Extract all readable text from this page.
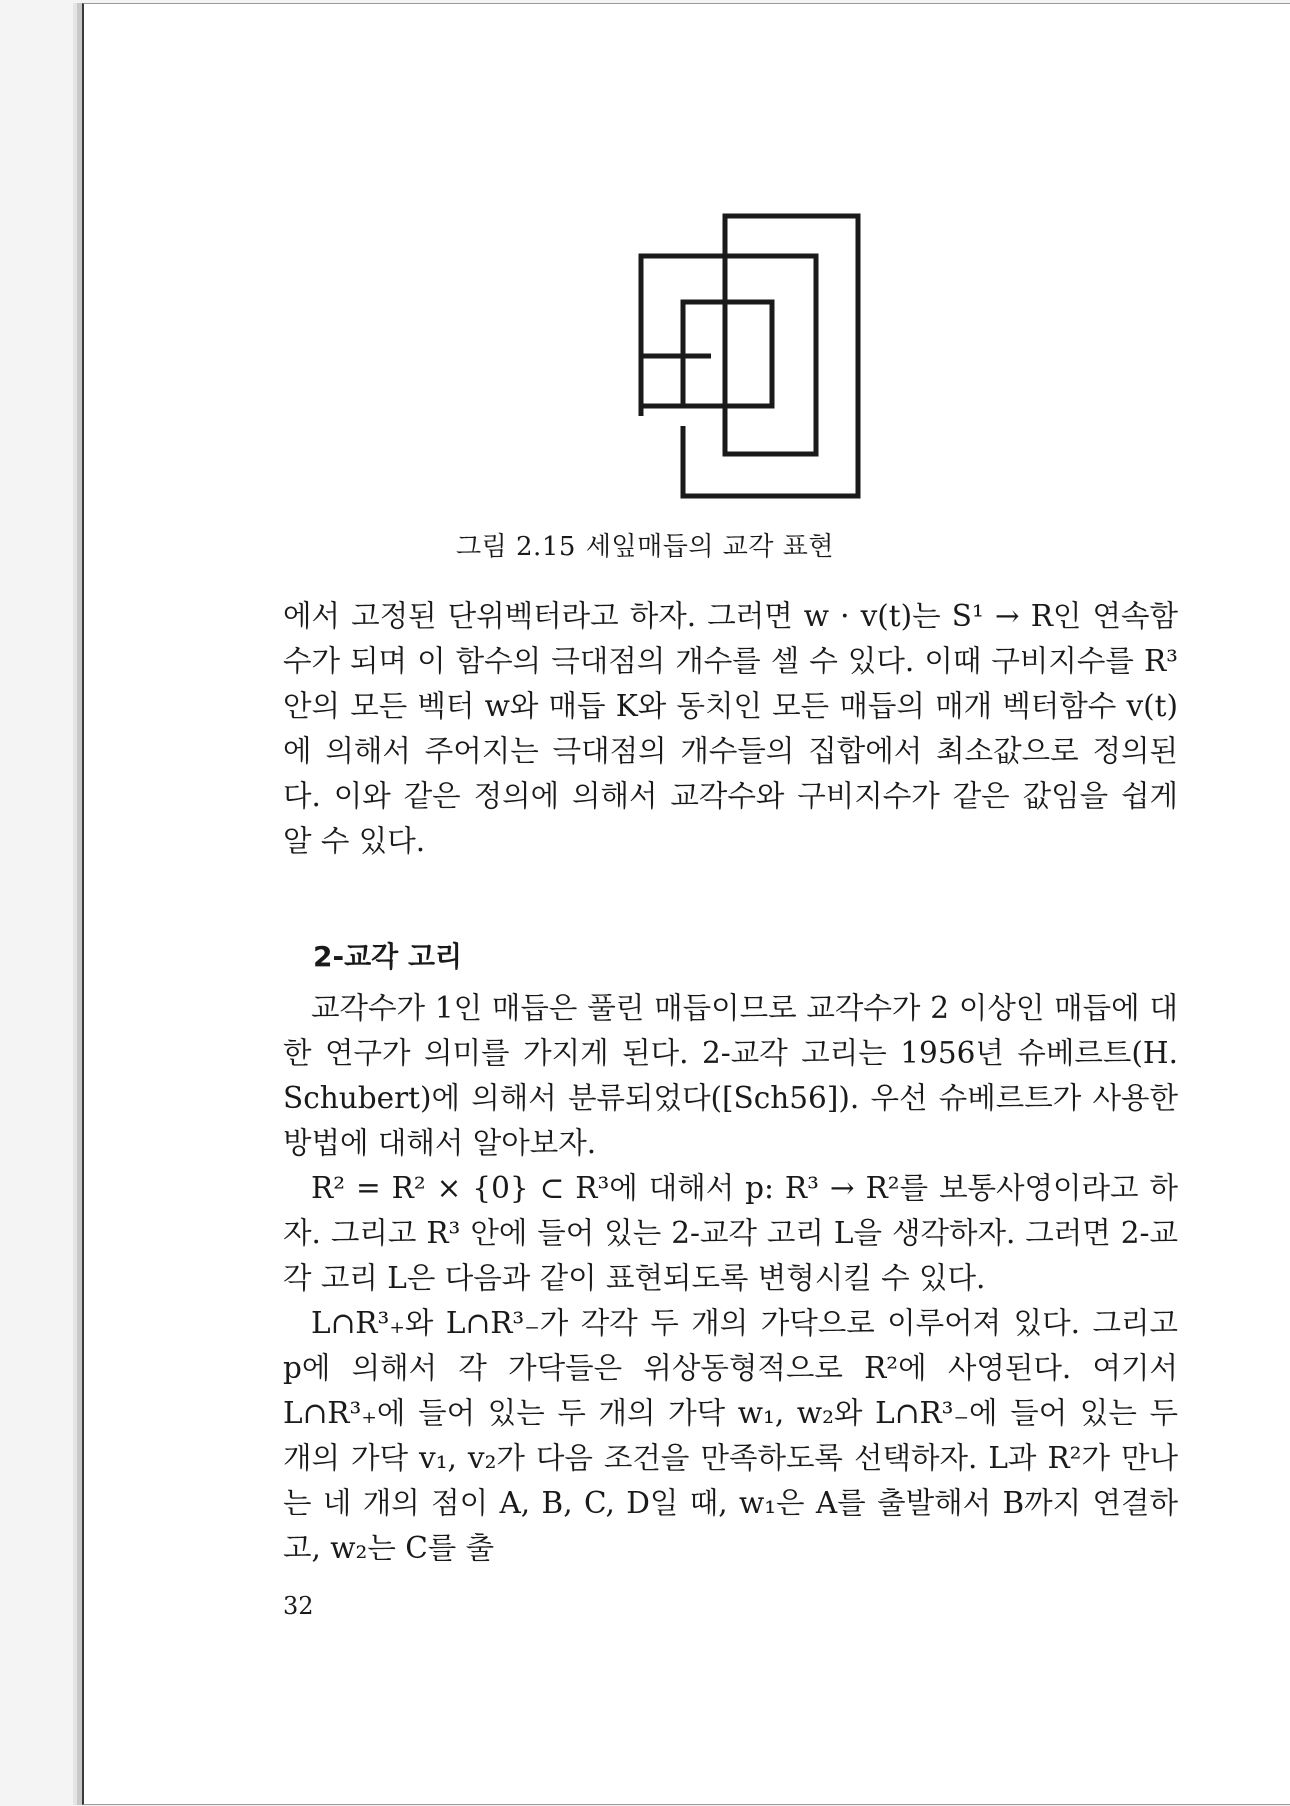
그림 2.15 세잎매듭의 교각 표현

에서 고정된 단위벡터라고 하자. 그러면 w · v(t)는 S¹ → R인 연속함수가 되며 이 함수의 극대점의 개수를 셀 수 있다. 이때 구비지수를 R³ 안의 모든 벡터 w와 매듭 K와 동치인 모든 매듭의 매개 벡터함수 v(t)에 의해서 주어지는 극대점의 개수들의 집합에서 최소값으로 정의된다. 이와 같은 정의에 의해서 교각수와 구비지수가 같은 값임을 쉽게 알 수 있다.

2-교각 고리

교각수가 1인 매듭은 풀린 매듭이므로 교각수가 2 이상인 매듭에 대한 연구가 의미를 가지게 된다. 2-교각 고리는 1956년 슈베르트(H. Schubert)에 의해서 분류되었다([Sch56]). 우선 슈베르트가 사용한 방법에 대해서 알아보자.

R² = R² × {0} ⊂ R³에 대해서 p: R³ → R²를 보통사영이라고 하자. 그리고 R³ 안에 들어 있는 2-교각 고리 L을 생각하자. 그러면 2-교각 고리 L은 다음과 같이 표현되도록 변형시킬 수 있다.

L∩R³₊와 L∩R³₋가 각각 두 개의 가닥으로 이루어져 있다. 그리고 p에 의해서 각 가닥들은 위상동형적으로 R²에 사영된다. 여기서 L∩R³₊에 들어 있는 두 개의 가닥 w₁, w₂와 L∩R³₋에 들어 있는 두 개의 가닥 v₁, v₂가 다음 조건을 만족하도록 선택하자. L과 R²가 만나는 네 개의 점이 A, B, C, D일 때, w₁은 A를 출발해서 B까지 연결하고, w₂는 C를 출

32
